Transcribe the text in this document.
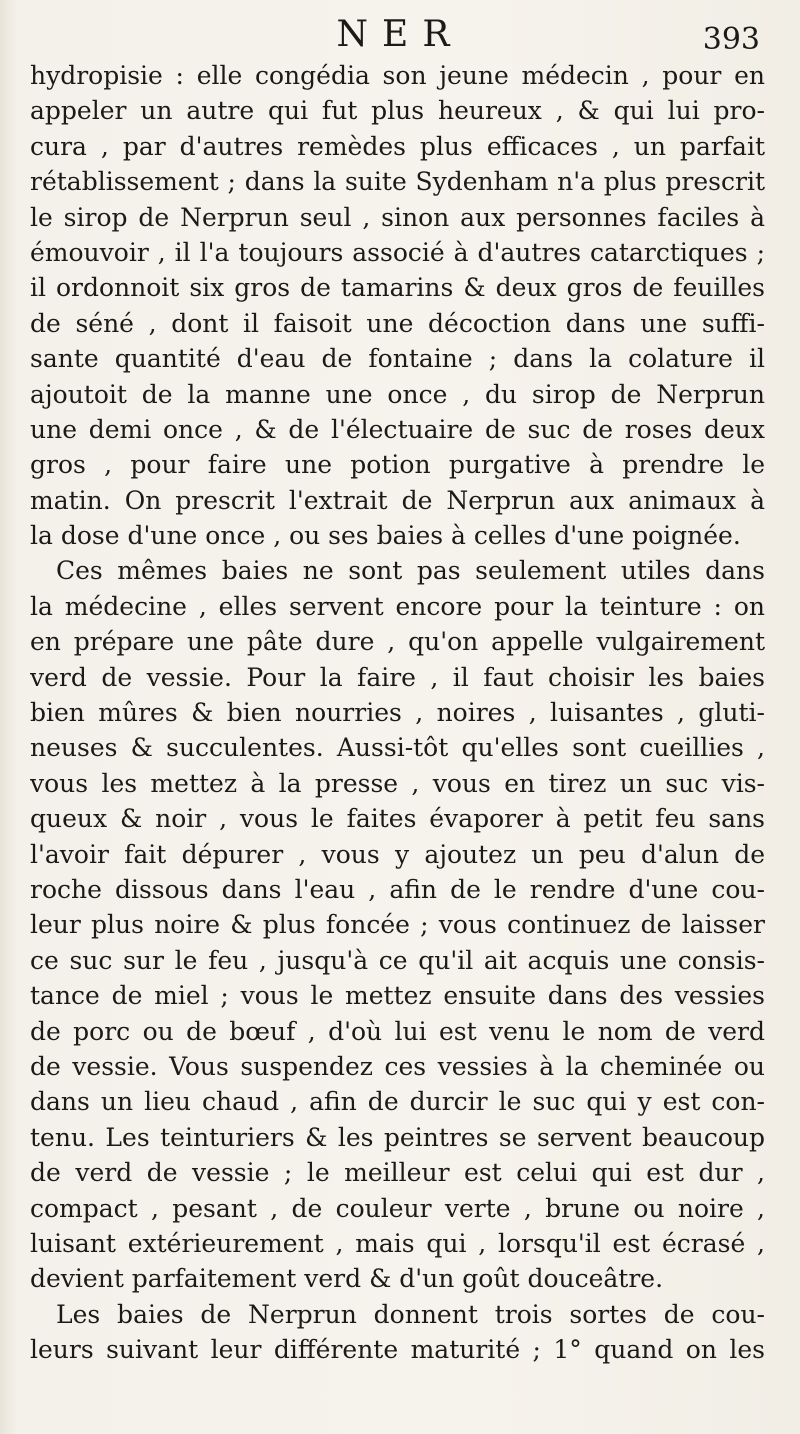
NER	393
hydropisie : elle congédia son jeune médecin , pour en
appeler un autre qui fut plus heureux , & qui lui pro-
cura , par d'autres remèdes plus efficaces , un parfait
rétablissement ; dans la suite Sydenham n'a plus prescrit
le sirop de Nerprun seul , sinon aux personnes faciles à
émouvoir , il l'a toujours associé à d'autres catarctiques ;
il ordonnoit six gros de tamarins & deux gros de feuilles
de séné , dont il faisoit une décoction dans une suffi-
sante quantité d'eau de fontaine ; dans la colature il
ajoutoit de la manne une once , du sirop de Nerprun
une demi once , & de l'électuaire de suc de roses deux
gros , pour faire une potion purgative à prendre le
matin. On prescrit l'extrait de Nerprun aux animaux à
la dose d'une once , ou ses baies à celles d'une poignée.
Ces mêmes baies ne sont pas seulement utiles dans
la médecine , elles servent encore pour la teinture : on
en prépare une pâte dure , qu'on appelle vulgairement
verd de vessie. Pour la faire , il faut choisir les baies
bien mûres & bien nourries , noires , luisantes , gluti-
neuses & succulentes. Aussi-tôt qu'elles sont cueillies ,
vous les mettez à la presse , vous en tirez un suc vis-
queux & noir , vous le faites évaporer à petit feu sans
l'avoir fait dépurer , vous y ajoutez un peu d'alun de
roche dissous dans l'eau , afin de le rendre d'une cou-
leur plus noire & plus foncée ; vous continuez de laisser
ce suc sur le feu , jusqu'à ce qu'il ait acquis une consis-
tance de miel ; vous le mettez ensuite dans des vessies
de porc ou de bœuf , d'où lui est venu le nom de verd
de vessie. Vous suspendez ces vessies à la cheminée ou
dans un lieu chaud , afin de durcir le suc qui y est con-
tenu. Les teinturiers & les peintres se servent beaucoup
de verd de vessie ; le meilleur est celui qui est dur ,
compact , pesant , de couleur verte , brune ou noire ,
luisant extérieurement , mais qui , lorsqu'il est écrasé ,
devient parfaitement verd & d'un goût douceâtre.
Les baies de Nerprun donnent trois sortes de cou-
leurs suivant leur différente maturité ; 1° quand on les
